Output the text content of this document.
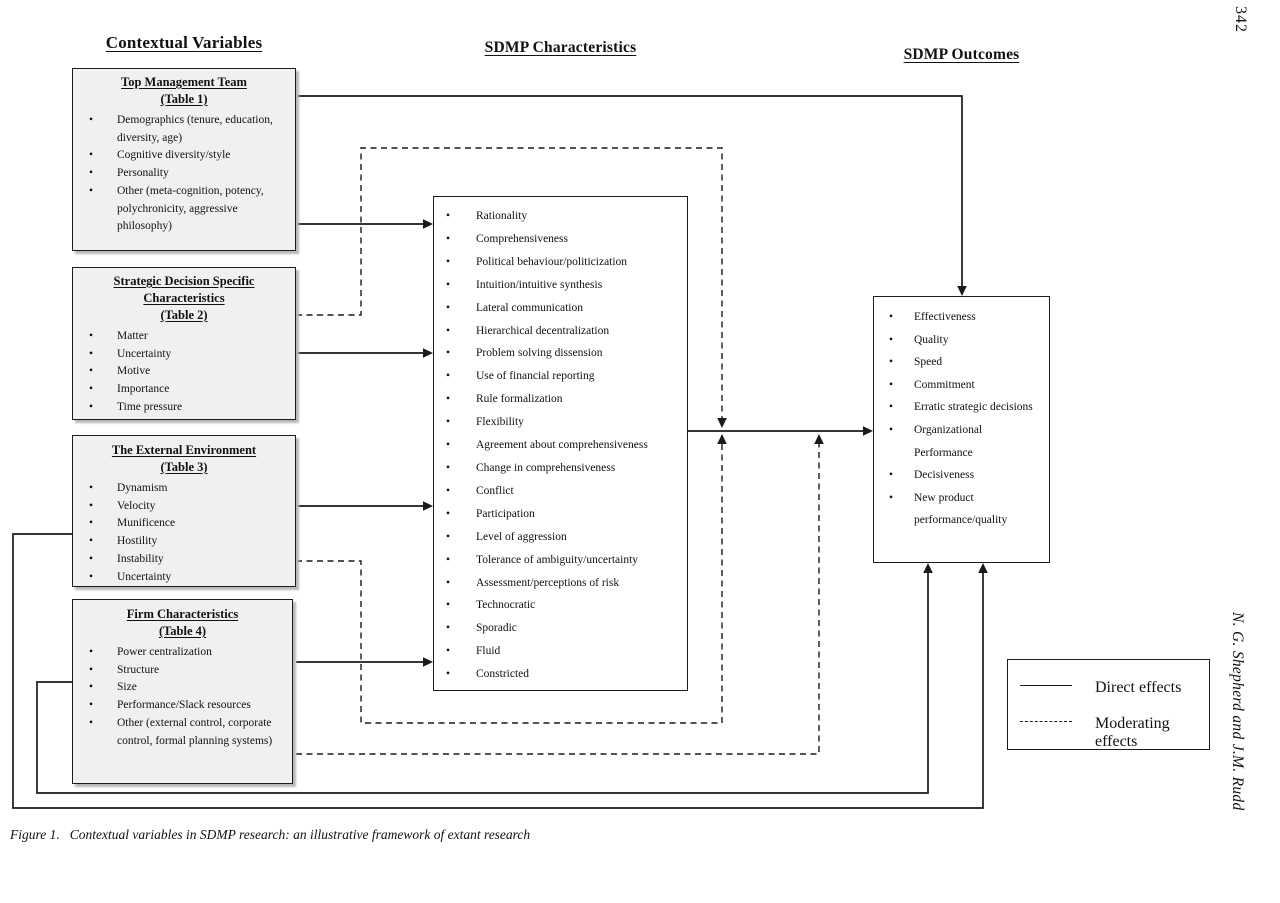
Contextual Variables	SDMP Characteristics	SDMP Outcomes
Top Management Team
(Table 1)
•	Demographics (tenure, education, diversity, age)
•	Cognitive diversity/style
•	Personality
•	Other (meta-cognition, potency, polychronicity, aggressive philosophy)
Strategic Decision Specific
Characteristics
(Table 2)
•	Matter
•	Uncertainty
•	Motive
•	Importance
•	Time pressure
The External Environment
(Table 3)
•	Dynamism
•	Velocity
•	Munificence
•	Hostility
•	Instability
•	Uncertainty
Firm Characteristics
(Table 4)
•	Power centralization
•	Structure
•	Size
•	Performance/Slack resources
•	Other (external control, corporate control, formal planning systems)
•	Rationality
•	Comprehensiveness
•	Political behaviour/politicization
•	Intuition/intuitive synthesis
•	Lateral communication
•	Hierarchical decentralization
•	Problem solving dissension
•	Use of financial reporting
•	Rule formalization
•	Flexibility
•	Agreement about comprehensiveness
•	Change in comprehensiveness
•	Conflict
•	Participation
•	Level of aggression
•	Tolerance of ambiguity/uncertainty
•	Assessment/perceptions of risk
•	Technocratic
•	Sporadic
•	Fluid
•	Constricted
• Effectiveness
• Quality
• Speed
• Commitment
• Erratic strategic decisions
• Organizational Performance
• Decisiveness
• New product performance/quality
Direct effects
Moderating effects
Figure 1. Contextual variables in SDMP research: an illustrative framework of extant research
342
N. G. Shepherd and J.M. Rudd
